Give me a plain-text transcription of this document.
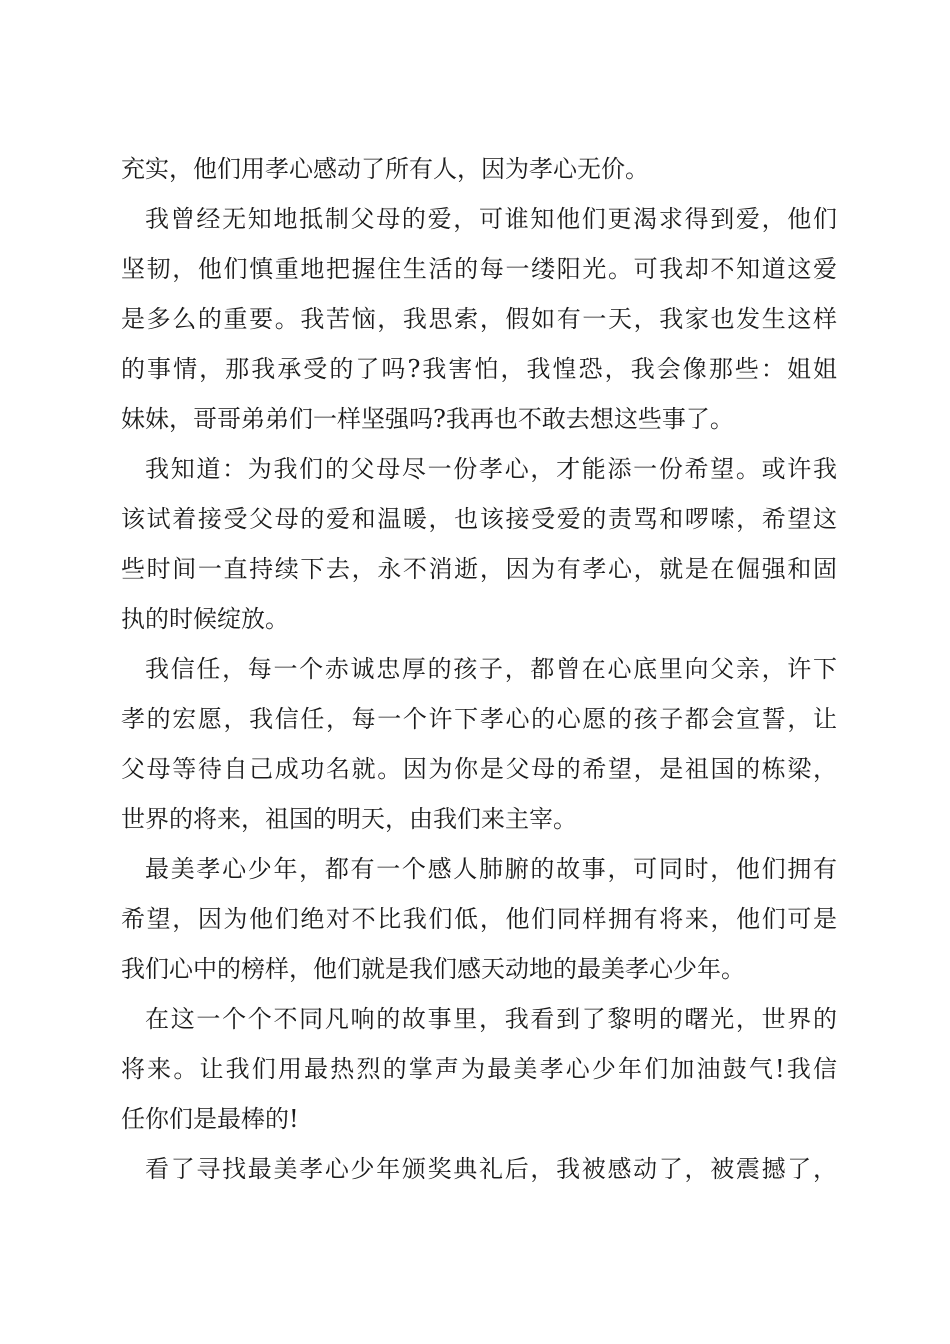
充实，他们用孝心感动了所有人，因为孝心无价。
我曾经无知地抵制父母的爱，可谁知他们更渴求得到爱，他们
坚韧，他们慎重地把握住生活的每一缕阳光。可我却不知道这爱
是多么的重要。我苦恼，我思索，假如有一天，我家也发生这样
的事情，那我承受的了吗?我害怕，我惶恐，我会像那些：姐姐
妹妹，哥哥弟弟们一样坚强吗?我再也不敢去想这些事了。
我知道：为我们的父母尽一份孝心，才能添一份希望。或许我
该试着接受父母的爱和温暖，也该接受爱的责骂和啰嗦，希望这
些时间一直持续下去，永不消逝，因为有孝心，就是在倔强和固
执的时候绽放。
我信任，每一个赤诚忠厚的孩子，都曾在心底里向父亲，许下
孝的宏愿，我信任，每一个许下孝心的心愿的孩子都会宣誓，让
父母等待自己成功名就。因为你是父母的希望，是祖国的栋梁，
世界的将来，祖国的明天，由我们来主宰。
最美孝心少年，都有一个感人肺腑的故事，可同时，他们拥有
希望，因为他们绝对不比我们低，他们同样拥有将来，他们可是
我们心中的榜样，他们就是我们感天动地的最美孝心少年。
在这一个个不同凡响的故事里，我看到了黎明的曙光，世界的
将来。让我们用最热烈的掌声为最美孝心少年们加油鼓气!我信
任你们是最棒的!
看了寻找最美孝心少年颁奖典礼后，我被感动了，被震撼了，
